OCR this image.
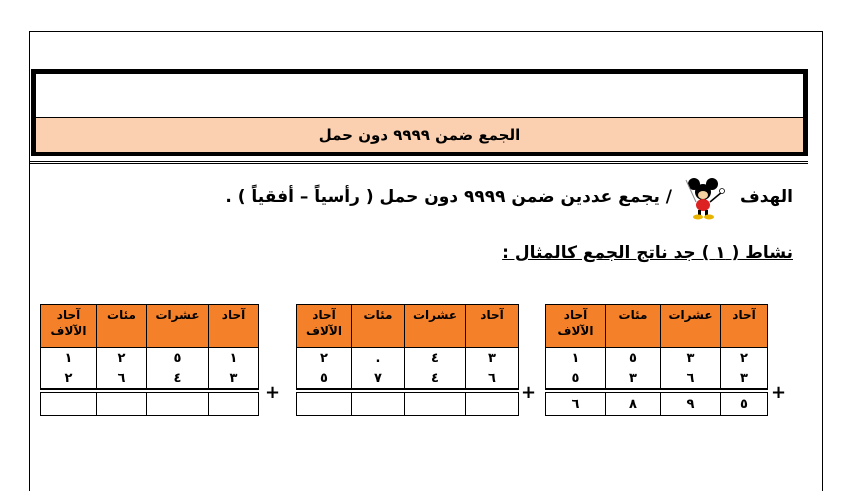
الجمع ضمن ٩٩٩٩ دون حمل
الهدف
/ يجمع عددين ضمن ٩٩٩٩ دون حمل ( رأسياً – أفقياً ) .
نشاط ( ١ ) جد ناتج الجمع كالمثال :
آحاد	عشرات	مئات	آحاد الآلاف
٢	٣	٥	١
٣	٦	٣	٥

٥	٩	٨	٦
+
آحاد	عشرات	مئات	آحاد الآلاف
٣	٤	.	٢
٦	٤	٧	٥

+
آحاد	عشرات	مئات	آحاد الآلاف
١	٥	٢	١
٣	٤	٦	٢

+
